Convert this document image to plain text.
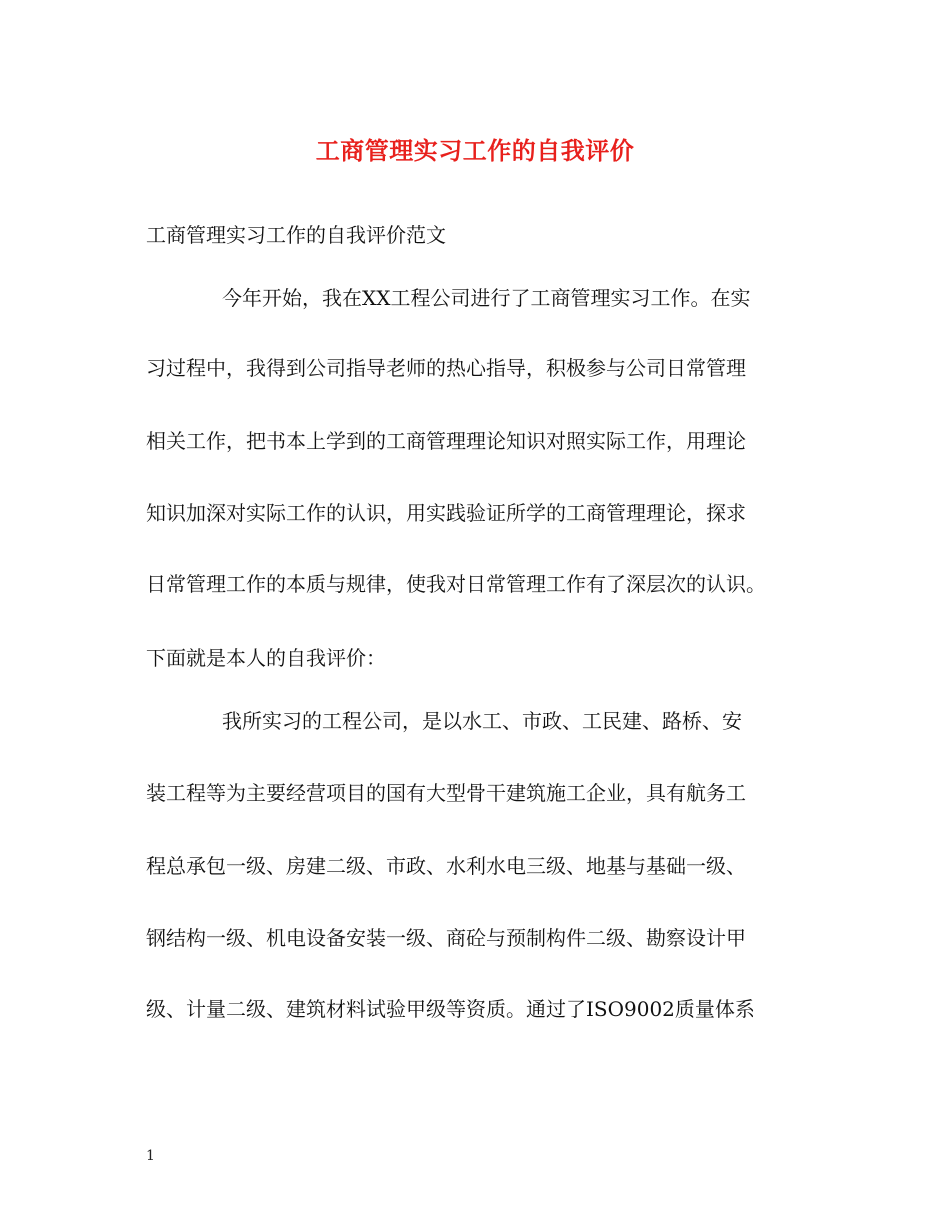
工商管理实习工作的自我评价
工商管理实习工作的自我评价范文
今年开始，我在XX工程公司进行了工商管理实习工作。在实
习过程中，我得到公司指导老师的热心指导，积极参与公司日常管理
相关工作，把书本上学到的工商管理理论知识对照实际工作，用理论
知识加深对实际工作的认识，用实践验证所学的工商管理理论，探求
日常管理工作的本质与规律，使我对日常管理工作有了深层次的认识。
下面就是本人的自我评价：
我所实习的工程公司，是以水工、市政、工民建、路桥、安
装工程等为主要经营项目的国有大型骨干建筑施工企业，具有航务工
程总承包一级、房建二级、市政、水利水电三级、地基与基础一级、
钢结构一级、机电设备安装一级、商砼与预制构件二级、勘察设计甲
级、计量二级、建筑材料试验甲级等资质。通过了ISO9002质量体系
1
